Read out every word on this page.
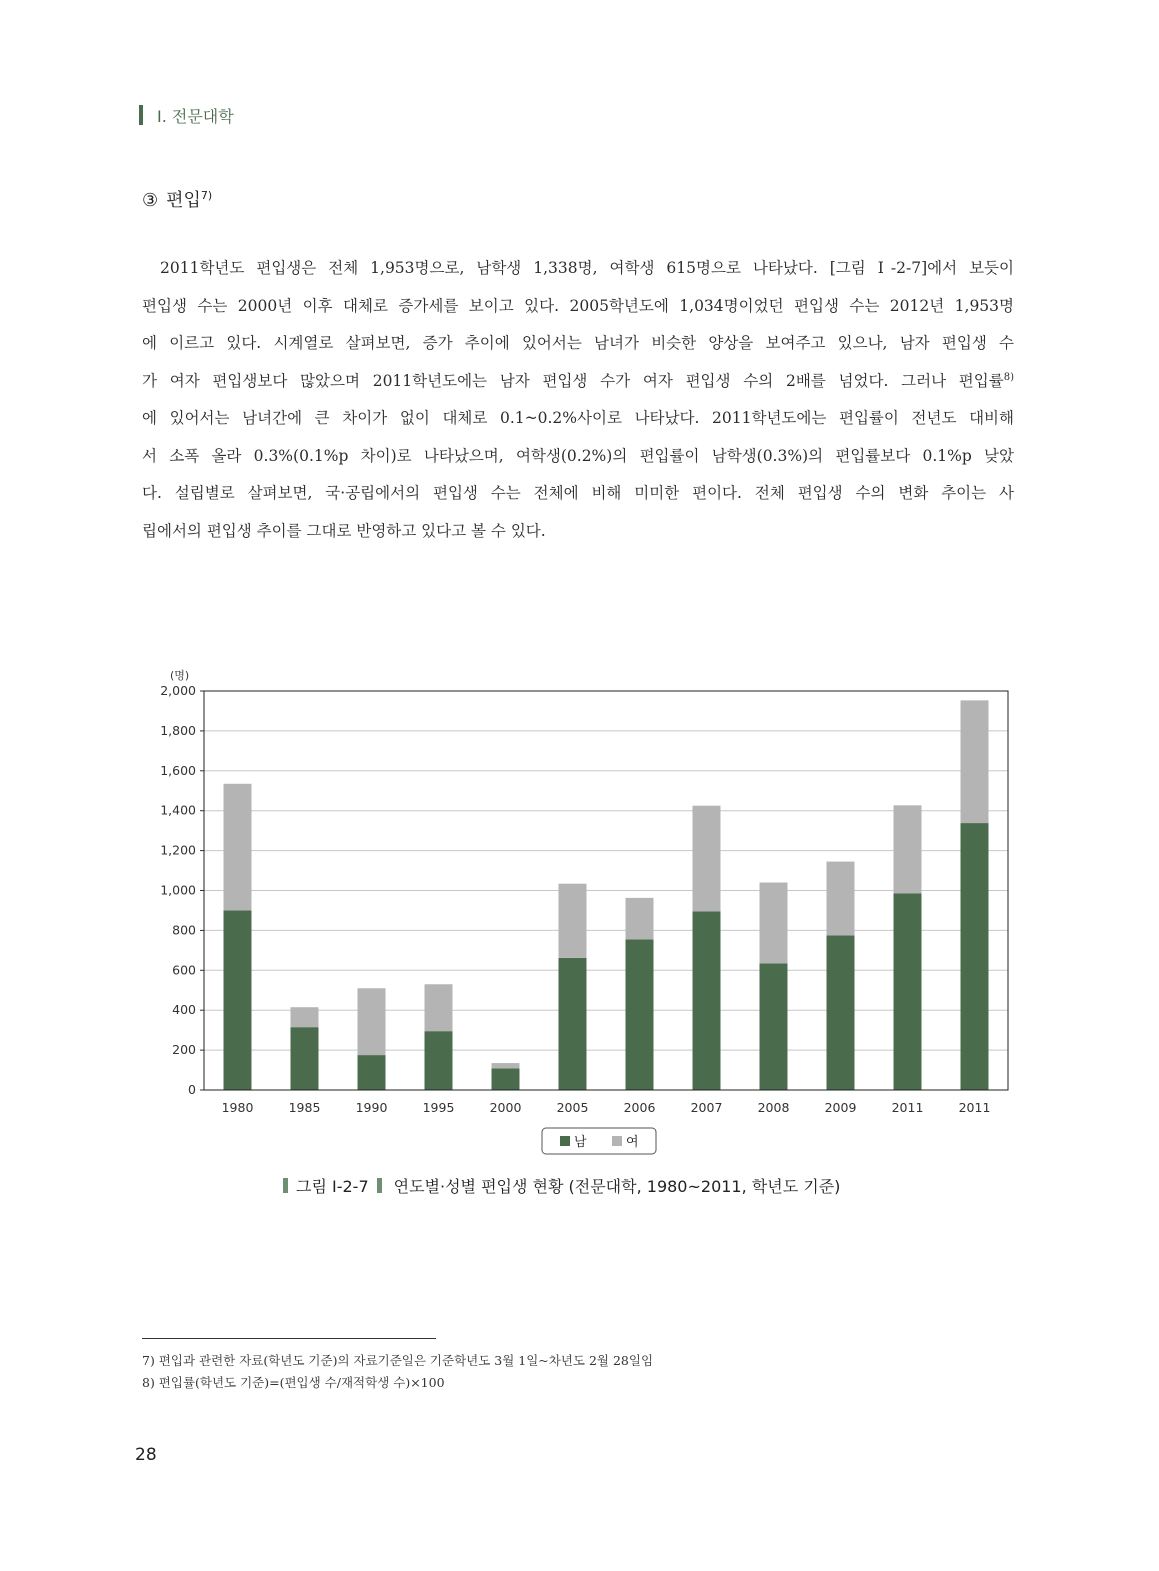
Ⅰ. 전문대학
③ 편입$^{7)}$
2011학년도 편입생은 전체 1,953명으로, 남학생 1,338명, 여학생 615명으로 나타났다. [그림 Ⅰ-2-7]에서 보듯이
편입생 수는 2000년 이후 대체로 증가세를 보이고 있다. 2005학년도에 1,034명이었던 편입생 수는 2012년 1,953명
에 이르고 있다. 시계열로 살펴보면, 증가 추이에 있어서는 남녀가 비슷한 양상을 보여주고 있으나, 남자 편입생 수
가 여자 편입생보다 많았으며 2011학년도에는 남자 편입생 수가 여자 편입생 수의 2배를 넘었다. 그러나 편입률$^{8)}$
에 있어서는 남녀간에 큰 차이가 없이 대체로 0.1~0.2%사이로 나타났다. 2011학년도에는 편입률이 전년도 대비해
서 소폭 올라 0.3%(0.1%p 차이)로 나타났으며, 여학생(0.2%)의 편입률이 남학생(0.3%)의 편입률보다 0.1%p 낮았
다. 설립별로 살펴보면, 국·공립에서의 편입생 수는 전체에 비해 미미한 편이다. 전체 편입생 수의 변화 추이는 사
립에서의 편입생 추이를 그대로 반영하고 있다고 볼 수 있다.
(명)
0
200
400
600
800
1,000
1,200
1,400
1,600
1,800
2,000
1980	1985	1990	1995	2000	2005	2006	2007	2008	2009	2011	2011
남	여
그림 Ⅰ-2-7 연도별·성별 편입생 현황 (전문대학, 1980~2011, 학년도 기준)
7) 편입과 관련한 자료(학년도 기준)의 자료기준일은 기준학년도 3월 1일~차년도 2월 28일임
8) 편입률(학년도 기준)=(편입생 수/재적학생 수)×100
28
